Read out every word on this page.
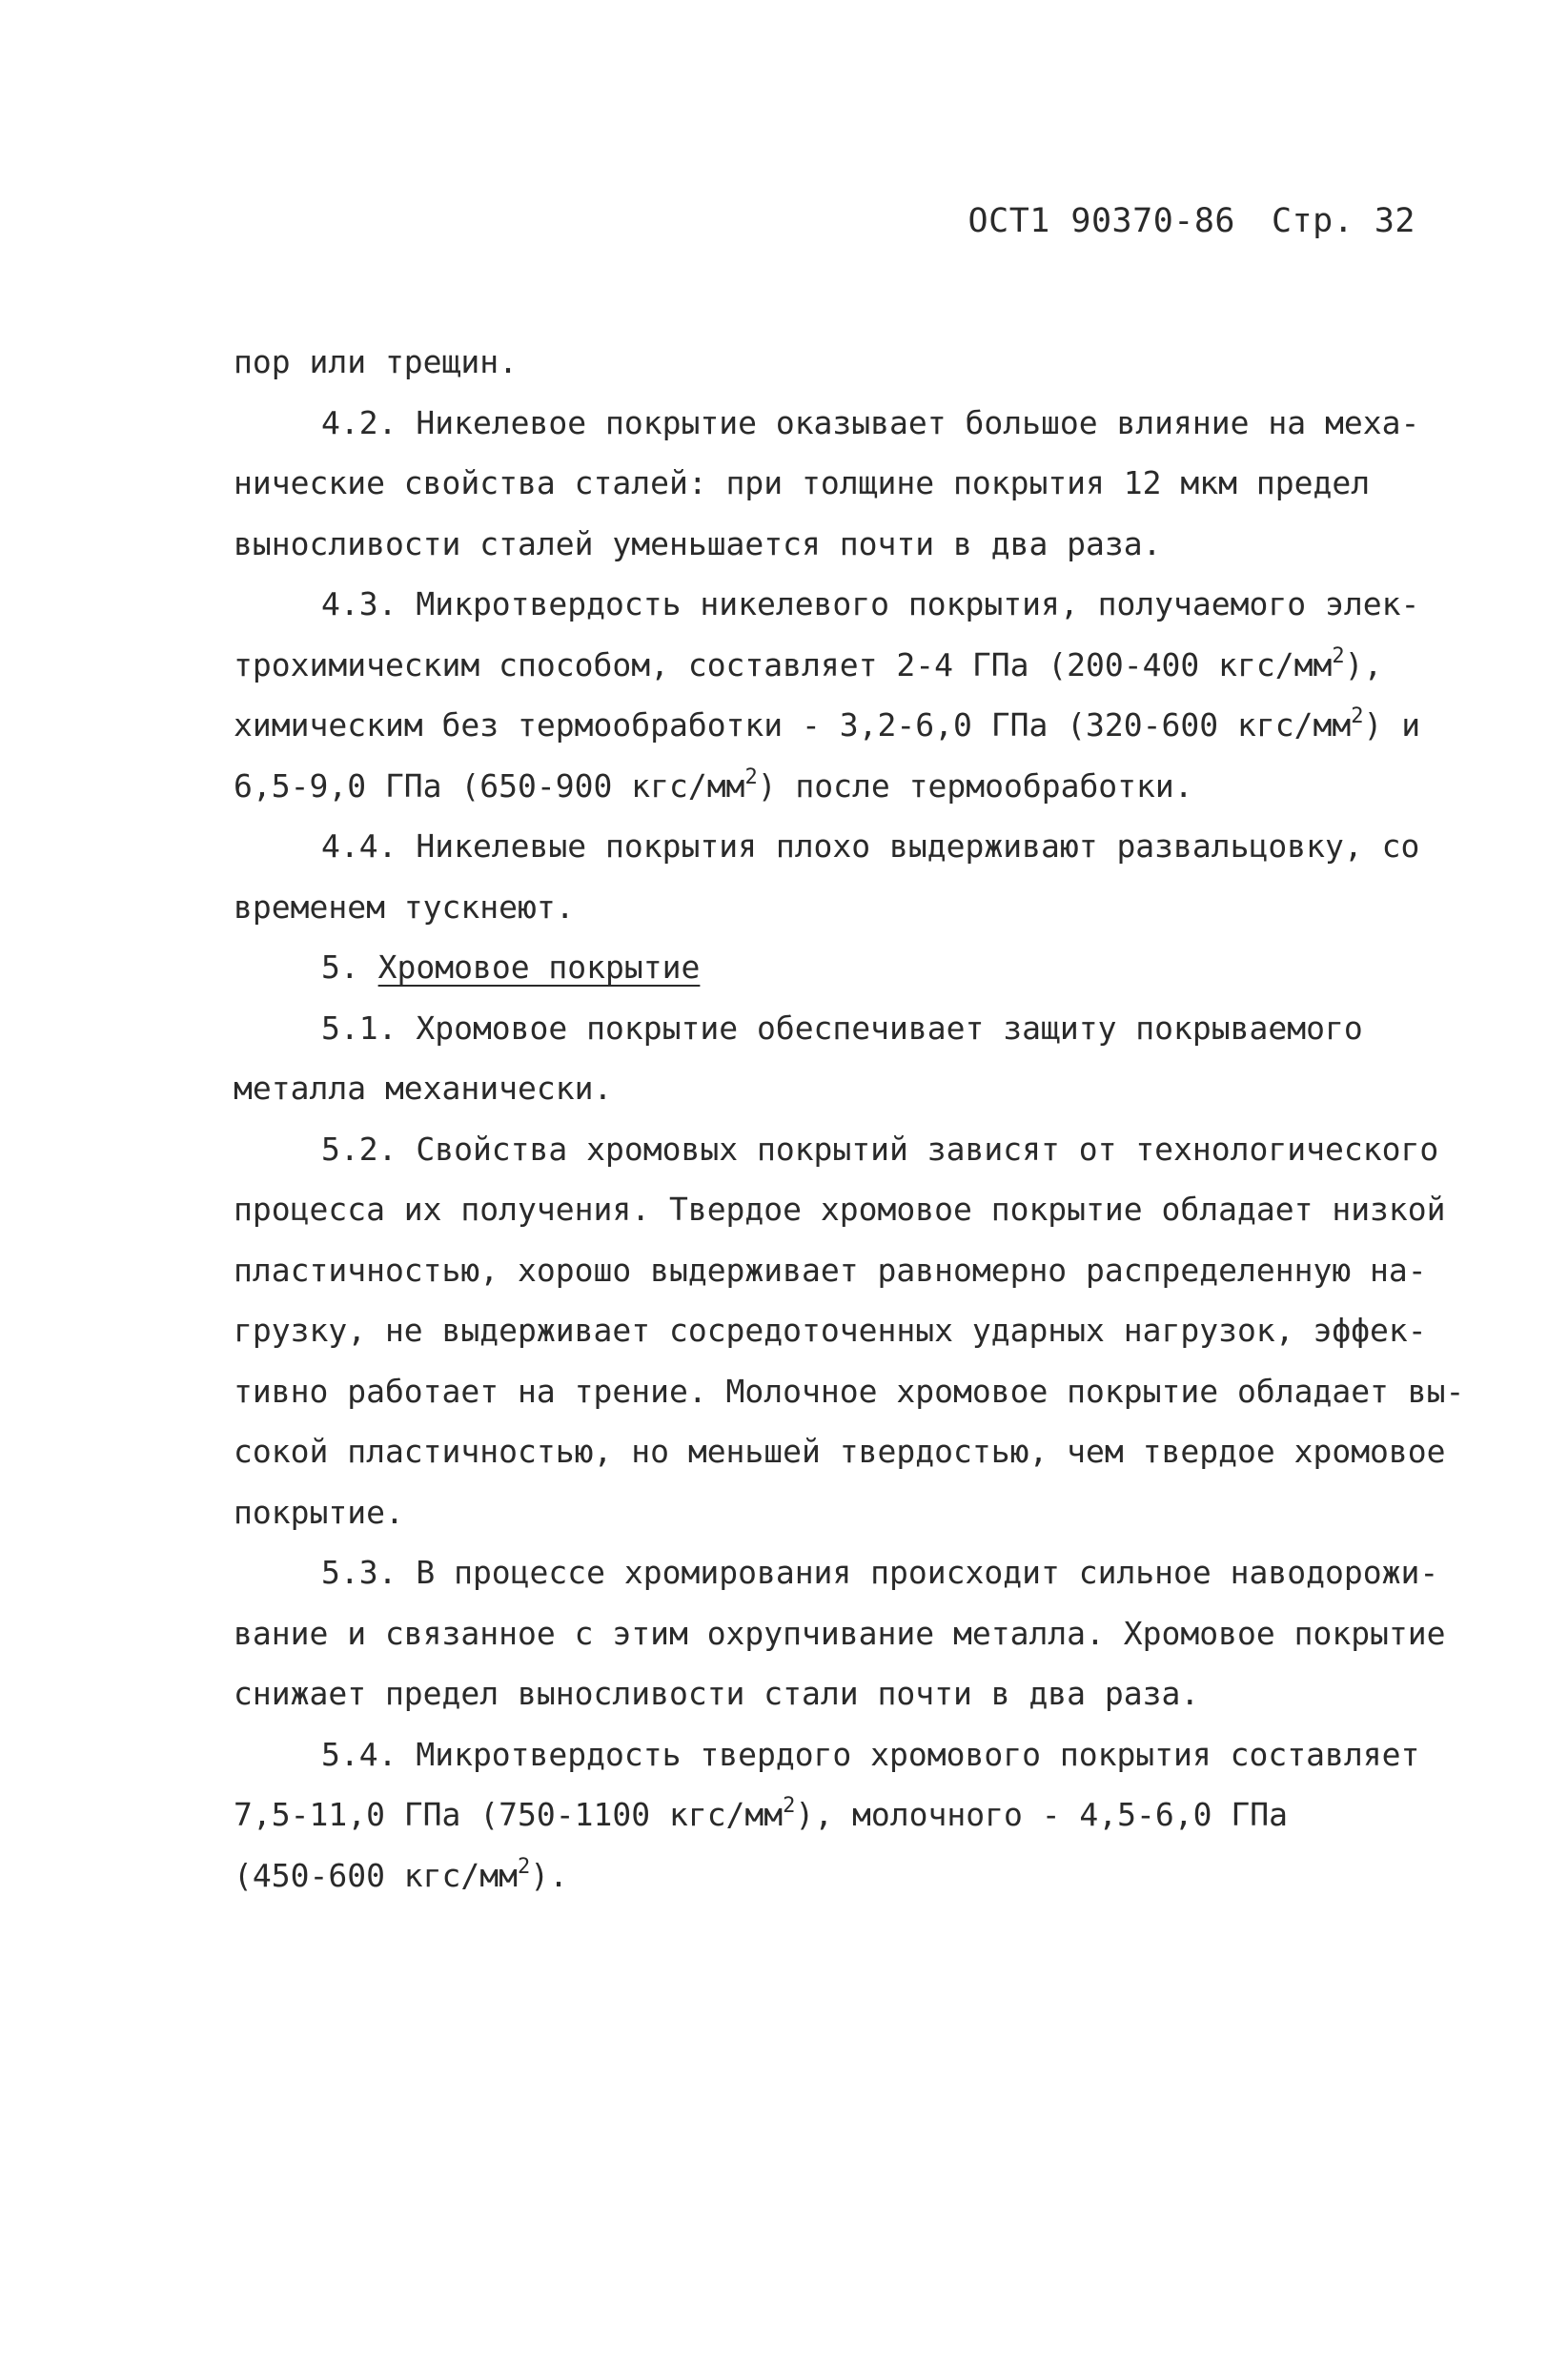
ОСТ1 90370-86 Стр. 32
пор или трещин.
4.2. Никелевое покрытие оказывает большое влияние на меха-
нические свойства сталей: при толщине покрытия 12 мкм предел
выносливости сталей уменьшается почти в два раза.
4.3. Микротвердость никелевого покрытия, получаемого элек-
трохимическим способом, составляет 2-4 ГПа (200-400 кгс/$мм^2$),
химическим без термообработки - 3,2-6,0 ГПа (320-600 кгс/$мм^2$) и
6,5-9,0 ГПа (650-900 кгс/$мм^2$) после термообработки.
4.4. Никелевые покрытия плохо выдерживают развальцовку, со
временем тускнеют.
5. Хромовое покрытие
5.1. Хромовое покрытие обеспечивает защиту покрываемого
металла механически.
5.2. Свойства хромовых покрытий зависят от технологического
процесса их получения. Твердое хромовое покрытие обладает низкой
пластичностью, хорошо выдерживает равномерно распределенную на-
грузку, не выдерживает сосредоточенных ударных нагрузок, эффек-
тивно работает на трение. Молочное хромовое покрытие обладает вы-
сокой пластичностью, но меньшей твердостью, чем твердое хромовое
покрытие.
5.3. В процессе хромирования происходит сильное наводорожи-
вание и связанное с этим охрупчивание металла. Хромовое покрытие
снижает предел выносливости стали почти в два раза.
5.4. Микротвердость твердого хромового покрытия составляет
7,5-11,0 ГПа (750-1100 кгс/$мм^2$), молочного - 4,5-6,0 ГПа
(450-600 кгс/$мм^2$).
